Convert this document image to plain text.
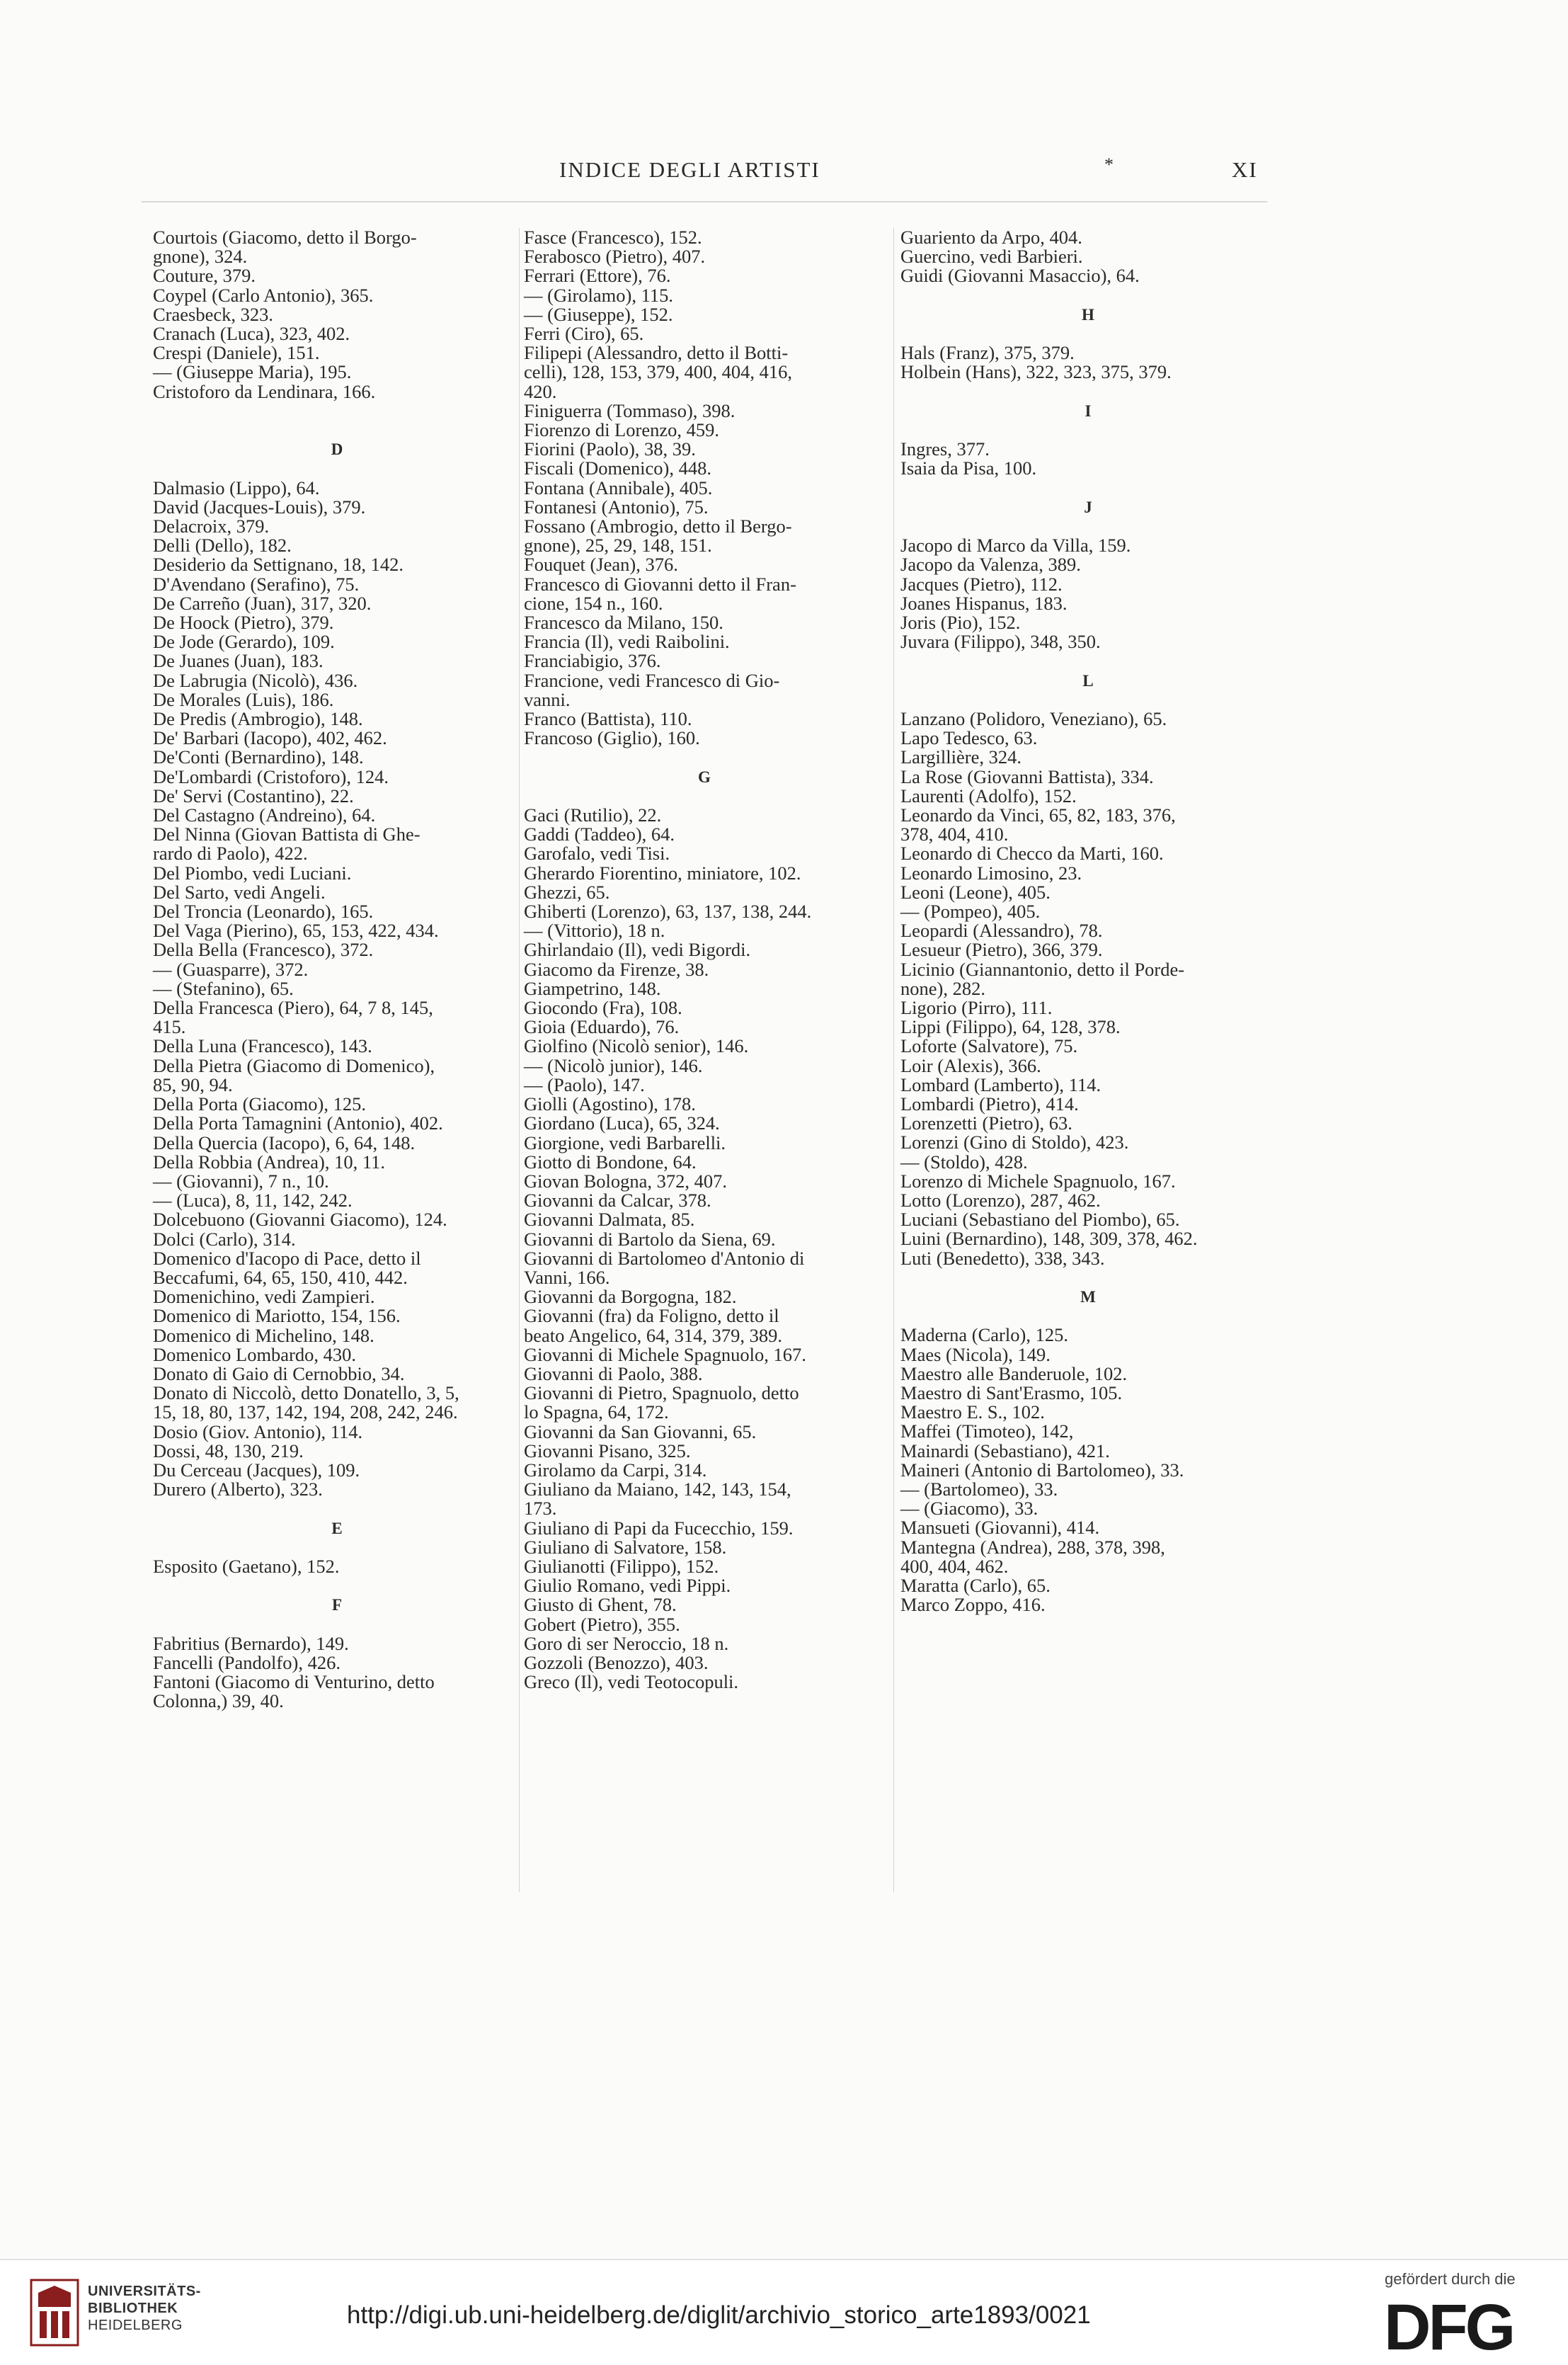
INDICE DEGLI ARTISTI	*	XI
Courtois (Giacomo, detto il Borgo-
gnone), 324.
Couture, 379.
Coypel (Carlo Antonio), 365.
Craesbeck, 323.
Cranach (Luca), 323, 402.
Crespi (Daniele), 151.
— (Giuseppe Maria), 195.
Cristoforo da Lendinara, 166.
D
Dalmasio (Lippo), 64.
David (Jacques-Louis), 379.
Delacroix, 379.
Delli (Dello), 182.
Desiderio da Settignano, 18, 142.
D'Avendano (Serafino), 75.
De Carreño (Juan), 317, 320.
De Hoock (Pietro), 379.
De Jode (Gerardo), 109.
De Juanes (Juan), 183.
De Labrugia (Nicolò), 436.
De Morales (Luis), 186.
De Predis (Ambrogio), 148.
De' Barbari (Iacopo), 402, 462.
De'Conti (Bernardino), 148.
De'Lombardi (Cristoforo), 124.
De' Servi (Costantino), 22.
Del Castagno (Andreino), 64.
Del Ninna (Giovan Battista di Ghe-
rardo di Paolo), 422.
Del Piombo, vedi Luciani.
Del Sarto, vedi Angeli.
Del Troncia (Leonardo), 165.
Del Vaga (Pierino), 65, 153, 422, 434.
Della Bella (Francesco), 372.
— (Guasparre), 372.
— (Stefanino), 65.
Della Francesca (Piero), 64, 7 8, 145,
415.
Della Luna (Francesco), 143.
Della Pietra (Giacomo di Domenico),
85, 90, 94.
Della Porta (Giacomo), 125.
Della Porta Tamagnini (Antonio), 402.
Della Quercia (Iacopo), 6, 64, 148.
Della Robbia (Andrea), 10, 11.
— (Giovanni), 7 n., 10.
— (Luca), 8, 11, 142, 242.
Dolcebuono (Giovanni Giacomo), 124.
Dolci (Carlo), 314.
Domenico d'Iacopo di Pace, detto il
Beccafumi, 64, 65, 150, 410, 442.
Domenichino, vedi Zampieri.
Domenico di Mariotto, 154, 156.
Domenico di Michelino, 148.
Domenico Lombardo, 430.
Donato di Gaio di Cernobbio, 34.
Donato di Niccolò, detto Donatello, 3, 5,
15, 18, 80, 137, 142, 194, 208, 242, 246.
Dosio (Giov. Antonio), 114.
Dossi, 48, 130, 219.
Du Cerceau (Jacques), 109.
Durero (Alberto), 323.
E
Esposito (Gaetano), 152.
F
Fabritius (Bernardo), 149.
Fancelli (Pandolfo), 426.
Fantoni (Giacomo di Venturino, detto
Colonna,) 39, 40.
Fasce (Francesco), 152.
Ferabosco (Pietro), 407.
Ferrari (Ettore), 76.
— (Girolamo), 115.
— (Giuseppe), 152.
Ferri (Ciro), 65.
Filipepi (Alessandro, detto il Botti-
celli), 128, 153, 379, 400, 404, 416,
420.
Finiguerra (Tommaso), 398.
Fiorenzo di Lorenzo, 459.
Fiorini (Paolo), 38, 39.
Fiscali (Domenico), 448.
Fontana (Annibale), 405.
Fontanesi (Antonio), 75.
Fossano (Ambrogio, detto il Bergo-
gnone), 25, 29, 148, 151.
Fouquet (Jean), 376.
Francesco di Giovanni detto il Fran-
cione, 154 n., 160.
Francesco da Milano, 150.
Francia (Il), vedi Raibolini.
Franciabigio, 376.
Francione, vedi Francesco di Gio-
vanni.
Franco (Battista), 110.
Francoso (Giglio), 160.
G
Gaci (Rutilio), 22.
Gaddi (Taddeo), 64.
Garofalo, vedi Tisi.
Gherardo Fiorentino, miniatore, 102.
Ghezzi, 65.
Ghiberti (Lorenzo), 63, 137, 138, 244.
— (Vittorio), 18 n.
Ghirlandaio (Il), vedi Bigordi.
Giacomo da Firenze, 38.
Giampetrino, 148.
Giocondo (Fra), 108.
Gioia (Eduardo), 76.
Giolfino (Nicolò senior), 146.
— (Nicolò junior), 146.
— (Paolo), 147.
Giolli (Agostino), 178.
Giordano (Luca), 65, 324.
Giorgione, vedi Barbarelli.
Giotto di Bondone, 64.
Giovan Bologna, 372, 407.
Giovanni da Calcar, 378.
Giovanni Dalmata, 85.
Giovanni di Bartolo da Siena, 69.
Giovanni di Bartolomeo d'Antonio di
Vanni, 166.
Giovanni da Borgogna, 182.
Giovanni (fra) da Foligno, detto il
beato Angelico, 64, 314, 379, 389.
Giovanni di Michele Spagnuolo, 167.
Giovanni di Paolo, 388.
Giovanni di Pietro, Spagnuolo, detto
lo Spagna, 64, 172.
Giovanni da San Giovanni, 65.
Giovanni Pisano, 325.
Girolamo da Carpi, 314.
Giuliano da Maiano, 142, 143, 154,
173.
Giuliano di Papi da Fucecchio, 159.
Giuliano di Salvatore, 158.
Giulianotti (Filippo), 152.
Giulio Romano, vedi Pippi.
Giusto di Ghent, 78.
Gobert (Pietro), 355.
Goro di ser Neroccio, 18 n.
Gozzoli (Benozzo), 403.
Greco (Il), vedi Teotocopuli.
Guariento da Arpo, 404.
Guercino, vedi Barbieri.
Guidi (Giovanni Masaccio), 64.
H
Hals (Franz), 375, 379.
Holbein (Hans), 322, 323, 375, 379.
I
Ingres, 377.
Isaia da Pisa, 100.
J
Jacopo di Marco da Villa, 159.
Jacopo da Valenza, 389.
Jacques (Pietro), 112.
Joanes Hispanus, 183.
Joris (Pio), 152.
Juvara (Filippo), 348, 350.
L
Lanzano (Polidoro, Veneziano), 65.
Lapo Tedesco, 63.
Largillière, 324.
La Rose (Giovanni Battista), 334.
Laurenti (Adolfo), 152.
Leonardo da Vinci, 65, 82, 183, 376,
378, 404, 410.
Leonardo di Checco da Marti, 160.
Leonardo Limosino, 23.
Leoni (Leone), 405.
— (Pompeo), 405.
Leopardi (Alessandro), 78.
Lesueur (Pietro), 366, 379.
Licinio (Giannantonio, detto il Porde-
none), 282.
Ligorio (Pirro), 111.
Lippi (Filippo), 64, 128, 378.
Loforte (Salvatore), 75.
Loir (Alexis), 366.
Lombard (Lamberto), 114.
Lombardi (Pietro), 414.
Lorenzetti (Pietro), 63.
Lorenzi (Gino di Stoldo), 423.
— (Stoldo), 428.
Lorenzo di Michele Spagnuolo, 167.
Lotto (Lorenzo), 287, 462.
Luciani (Sebastiano del Piombo), 65.
Luini (Bernardino), 148, 309, 378, 462.
Luti (Benedetto), 338, 343.
M
Maderna (Carlo), 125.
Maes (Nicola), 149.
Maestro alle Banderuole, 102.
Maestro di Sant'Erasmo, 105.
Maestro E. S., 102.
Maffei (Timoteo), 142,
Mainardi (Sebastiano), 421.
Maineri (Antonio di Bartolomeo), 33.
— (Bartolomeo), 33.
— (Giacomo), 33.
Mansueti (Giovanni), 414.
Mantegna (Andrea), 288, 378, 398,
400, 404, 462.
Maratta (Carlo), 65.
Marco Zoppo, 416.
UNIVERSITÄTS-
BIBLIOTHEK
HEIDELBERG	http://digi.ub.uni-heidelberg.de/diglit/archivio_storico_arte1893/0021
gefördert durch die
DFG
